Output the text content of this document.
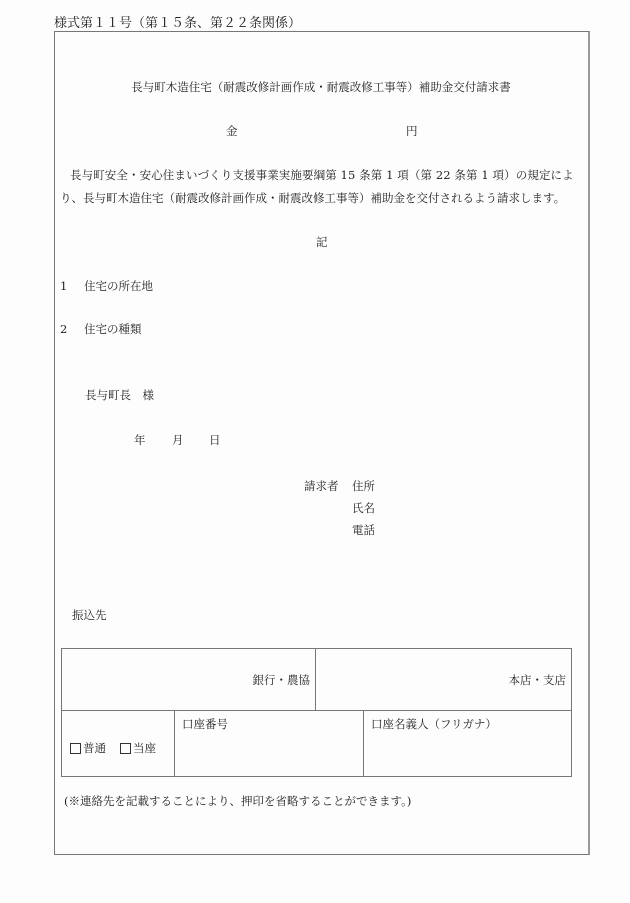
様式第１１号（第１５条、第２２条関係）
長与町木造住宅（耐震改修計画作成・耐震改修工事等）補助金交付請求書
金	円
長与町安全・安心住まいづくり支援事業実施要綱第 15 条第 1 項（第 22 条第 1 項）の規定によ
り、長与町木造住宅（耐震改修計画作成・耐震改修工事等）補助金を交付されるよう請求します。
記
1 住宅の所在地
2 住宅の種類
長与町長　様
年 月 日
請求者 住所
氏名
電話
振込先
銀行・農協		本店・支店	

普通 当座	口座番号		口座名義人（フリガナ）
(※連絡先を記載することにより、押印を省略することができます。)
